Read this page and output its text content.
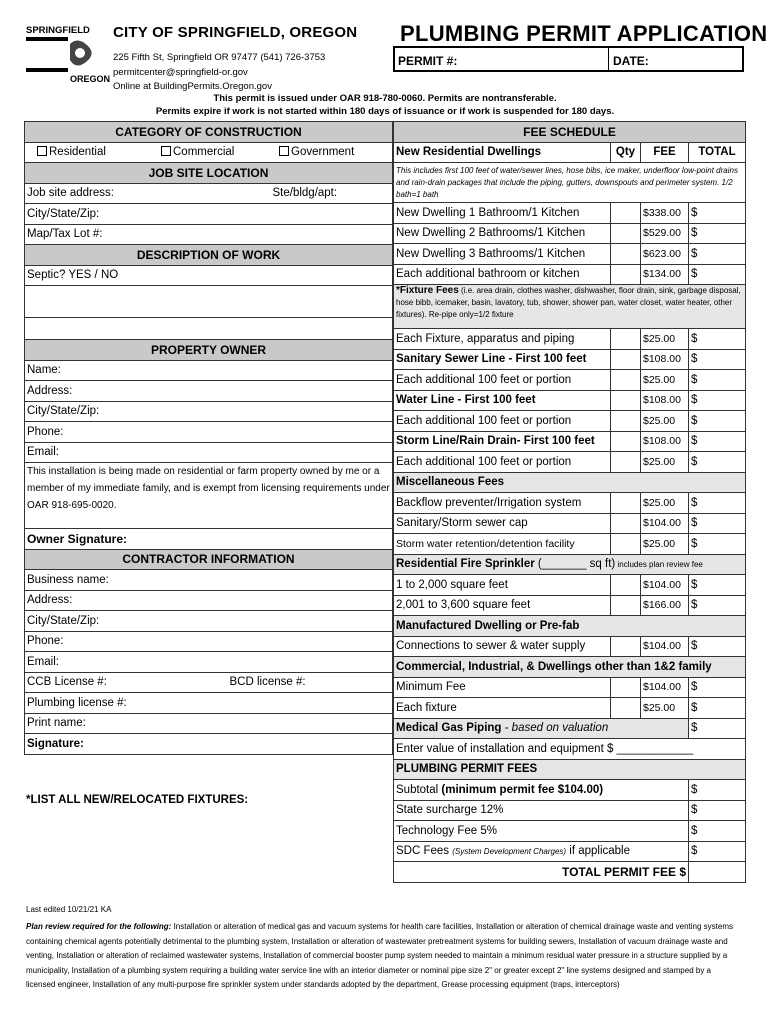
SPRINGFIELD
OREGON
CITY OF SPRINGFIELD, OREGON
225 Fifth St, Springfield OR 97477 (541) 726-3753
permitcenter@springfield-or.gov
Online at BuildingPermits.Oregon.gov
PLUMBING PERMIT APPLICATION
PERMIT #:	DATE:
This permit is issued under OAR 918-780-0060. Permits are nontransferable.
Permits expire if work is not started within 180 days of issuance or if work is suspended for 180 days.
CATEGORY OF CONSTRUCTION
Residential	Commercial	Government
JOB SITE LOCATION
Job site address:	Ste/bldg/apt:

City/State/Zip:
Map/Tax Lot #:
DESCRIPTION OF WORK
Septic? YES / NO

PROPERTY OWNER
Name:
Address:
City/State/Zip:
Phone:
Email:
This installation is being made on residential or farm property owned by me or a member of my immediate family, and is exempt from licensing requirements under OAR 918-695-0020.
Owner Signature:
CONTRACTOR INFORMATION
Business name:
Address:
City/State/Zip:
Phone:
Email:
CCB License #:	BCD license #:

Plumbing license #:
Print name:
Signature:
*LIST ALL NEW/RELOCATED FIXTURES:
Last edited 10/21/21 KA
FEE SCHEDULE			
New Residential Dwellings	Qty	FEE	TOTAL
This includes first 100 feet of water/sewer lines, hose bibs, ice maker, underfloor low-point drains and rain-drain packages that include the piping, gutters, downspouts and perimeter system. 1/2 bath=1 bath			
New Dwelling 1 Bathroom/1 Kitchen		$338.00	$
New Dwelling 2 Bathrooms/1 Kitchen		$529.00	$
New Dwelling 3 Bathrooms/1 Kitchen		$623.00	$
Each additional bathroom or kitchen		$134.00	$
*Fixture Fees (i.e. area drain, clothes washer, dishwasher, floor drain, sink, garbage disposal, hose bibb, icemaker, basin, lavatory, tub, shower, shower pan, water closet, water heater, other fixtures). Re-pipe only=1/2 fixture			
Each Fixture, apparatus and piping		$25.00	$
Sanitary Sewer Line - First 100 feet		$108.00	$
Each additional 100 feet or portion		$25.00	$
Water Line - First 100 feet		$108.00	$
Each additional 100 feet or portion		$25.00	$
Storm Line/Rain Drain- First 100 feet		$108.00	$
Each additional 100 feet or portion		$25.00	$
Miscellaneous Fees			
Backflow preventer/Irrigation system		$25.00	$
Sanitary/Storm sewer cap		$104.00	$
Storm water retention/detention facility		$25.00	$
Residential Fire Sprinkler (_______ sq ft) includes plan review fee			
1 to 2,000 square feet		$104.00	$
2,001 to 3,600 square feet		$166.00	$
Manufactured Dwelling or Pre-fab			
Connections to sewer & water supply		$104.00	$
Commercial, Industrial, & Dwellings other than 1&2 family			
Minimum Fee		$104.00	$
Each fixture		$25.00	$
Medical Gas Piping - based on valuation			$
Enter value of installation and equipment $ ____________			
PLUMBING PERMIT FEES			
Subtotal (minimum permit fee $104.00)			$
State surcharge 12%			$
Technology Fee 5%			$
SDC Fees (System Development Charges) if applicable			$
TOTAL PERMIT FEE $			
Plan review required for the following: Installation or alteration of medical gas and vacuum systems for health care facilities, Installation or alteration of chemical drainage waste and venting systems containing chemical agents potentially detrimental to the plumbing system, Installation or alteration of wastewater pretreatment systems for building sewers, Installation of vacuum drainage waste and venting, Installation or alteration of reclaimed wastewater systems, Installation of commercial booster pump system needed to maintain a minimum residual water pressure in a structure supplied by a municipality, Installation of a plumbing system requiring a building water service line with an interior diameter or nominal pipe size 2" or greater except 2" line systems designed and stamped by a licensed engineer, Installation of any multi-purpose fire sprinkler system under standards adopted by the department, Grease processing equipment (traps, interceptors)
